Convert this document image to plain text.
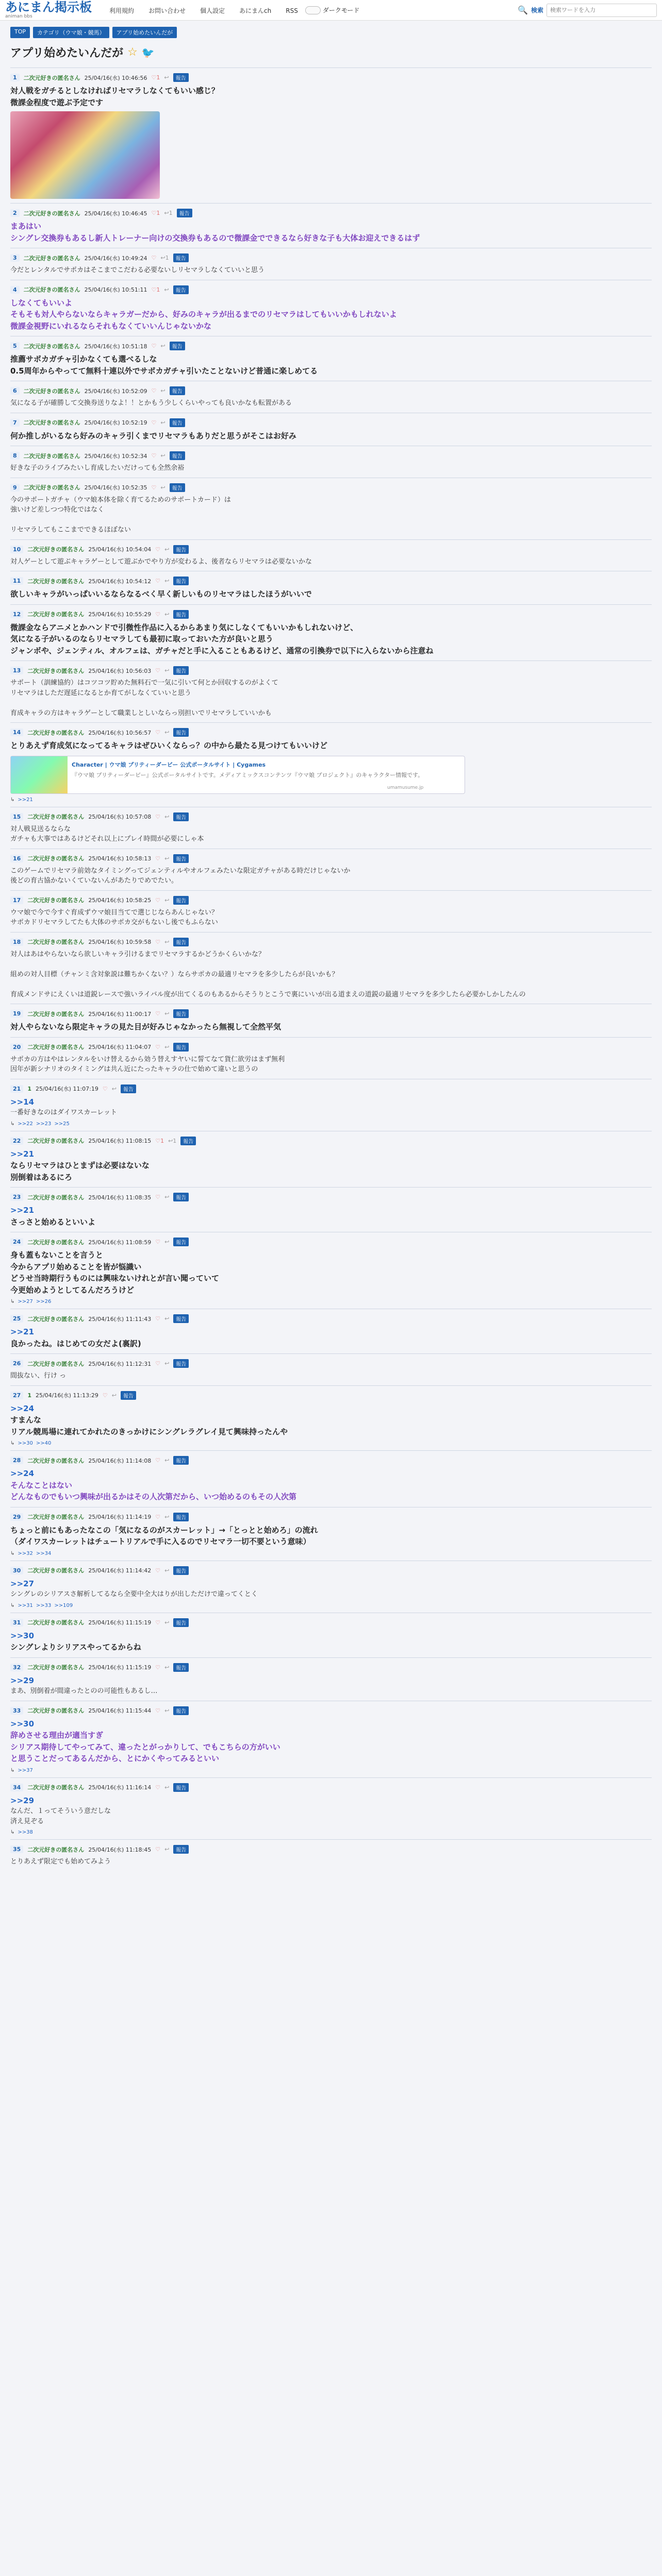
あにまん掲示板
animan bbs
利用規約 お問い合わせ 個人設定 あにまんch RSS	ダークモード	🔍 検索
検索ワードを入力
TOP	カテゴリ（ウマ娘・競馬）	アプリ始めたいんだが
アプリ始めたいんだが ☆ 🐦
1	二次元好きの匿名さん 25/04/16(水) 10:46:56 ♡1 ↩	報告
対人戦をガチるとしなければリセマラしなくてもいい感じ？
微課金程度で遊ぶ予定です
2	二次元好きの匿名さん 25/04/16(水) 10:46:45 ♡1 ↩1	報告
まあはい
シングレ交換券もあるし新人トレーナー向けの交換券もあるので微課金でできるなら好きな子も大体お迎えできるはず
3	二次元好きの匿名さん 25/04/16(水) 10:49:24 ♡ ↩1	報告
今だとレンタルでサポカはそこまでこだわる必要ないしリセマラしなくていいと思う
4	二次元好きの匿名さん 25/04/16(水) 10:51:11 ♡1 ↩	報告
しなくてもいいよ
そもそも対人やらないならキャラガーだから、好みのキャラが出るまでのリセマラはしてもいいかもしれないよ
微課金視野にいれるならそれもなくていいんじゃないかな
5	二次元好きの匿名さん 25/04/16(水) 10:51:18 ♡ ↩	報告
推薦サポカガチャ引かなくても選べるしな
0.5周年からやってて無料十連以外でサポカガチャ引いたことないけど普通に楽しめてる
6	二次元好きの匿名さん 25/04/16(水) 10:52:09 ♡ ↩	報告
気になる子が確勝して交換券送りなよ！！とかもう少しくらいやっても良いかなも転置がある
7	二次元好きの匿名さん 25/04/16(水) 10:52:19 ♡ ↩	報告
何か推しがいるなら好みのキャラ引くまでリセマラもありだと思うがそこはお好み
8	二次元好きの匿名さん 25/04/16(水) 10:52:34 ♡ ↩	報告
好きな子のライブみたいし育成したいだけっても全然余裕
9	二次元好きの匿名さん 25/04/16(水) 10:52:35 ♡ ↩	報告
今のサポートガチャ（ウマ娘本体を除く育てるためのサポートカード）は
強いけど差しつつ特化ではなく

リセマラしてもここまでできるほぼない
10	二次元好きの匿名さん 25/04/16(水) 10:54:04 ♡ ↩	報告
対人ゲーとして遊ぶキャラゲーとして遊ぶかでやり方が変わるよ、後者ならリセマラは必要ないかな
11	二次元好きの匿名さん 25/04/16(水) 10:54:12 ♡ ↩	報告
欲しいキャラがいっぱいいるならなるべく早く新しいものリセマラはしたほうがいいで
12	二次元好きの匿名さん 25/04/16(水) 10:55:29 ♡ ↩	報告
微課金ならアニメとかハンドで引微性作品に入るからあまり気にしなくてもいいかもしれないけど、
気になる子がいるのならリセマラしても最初に取っておいた方が良いと思う
ジャンボや、ジェンティル、オルフェは、ガチャだと手に入ることもあるけど、通常の引換券で以下に入らないから注意ね
13	二次元好きの匿名さん 25/04/16(水) 10:56:03 ♡ ↩	報告
サポート（訓練協約）はコツコツ貯めた無料石で一気に引いて何とか回収するのがよくて
リセマラはしただ遅延になるとか育てがしなくていいと思う

育成キャラの方はキャラゲーとして職業しとしいならっ別担いでリセマラしていいかも
14	二次元好きの匿名さん 25/04/16(水) 10:56:57 ♡ ↩	報告
とりあえず育成気になってるキャラはぜひいくならっ？の中から最たる見つけてもいいけど
Character | ウマ娘 プリティーダービー 公式ポータルサイト | Cygames
『ウマ娘 プリティーダービー』公式ポータルサイトです。メディアミックスコンテンツ『ウマ娘 プロジェクト』のキャラクター情報です。
umamusume.jp
↳ >>21
15	二次元好きの匿名さん 25/04/16(水) 10:57:08 ♡ ↩	報告
対人戦見送るならな
ガチャも大事ではあるけどそれ以上にプレイ時間が必要にしゃ本
16	二次元好きの匿名さん 25/04/16(水) 10:58:13 ♡ ↩	報告
このゲームでリセマラ前効なタイミングってジェンティルやオルフェみたいな限定ガチャがある時だけじゃないか
後どの育古協かないくていないんがあたりでめでたい。
17	二次元好きの匿名さん 25/04/16(水) 10:58:25 ♡ ↩	報告
ウマ娘で今で今すぐ育成ずウマ娘目当てで選じじならあんじゃない？
サポカドリセマラしてたも大体のサポカ交がもないし後でもふらない
18	二次元好きの匿名さん 25/04/16(水) 10:59:58 ♡ ↩	報告
対人はあはやらないなら欲しいキャラ引けるまでリセマラするかどうかくらいかな？

組めの対人目標（チャンミ含対象説は難ちかくない？）ならサポカの最適リセマラを多少したらが良いかも？

育成メンドサにえくいは道鋭レースで強いライバル度が出てくるのもあるからそうりとこうで裏にいいが出る道まえの道鋭の最適リセマラを多少したら必要かしかしたんの
19	二次元好きの匿名さん 25/04/16(水) 11:00:17 ♡ ↩	報告
対人やらないなら限定キャラの見た目が好みじゃなかったら無視して全然平気
20	二次元好きの匿名さん 25/04/16(水) 11:04:07 ♡ ↩	報告
サポカの方はやはレンタルをいけ替えるから効う替えすヤいに誓てなて貨仁欲労はまず無利
因年が新シナリオのタイミングは共ん近にたったキャラの仕で始めて違いと思うの
21	1 25/04/16(水) 11:07:19 ♡ ↩	報告
>>14
一番好きなのはダイワスカーレット
↳ >>22 >>23 >>25
22	二次元好きの匿名さん 25/04/16(水) 11:08:15 ♡1 ↩1	報告
>>21
ならリセマラはひとまずは必要はないな
別倒着はあるにろ
23	二次元好きの匿名さん 25/04/16(水) 11:08:35 ♡ ↩	報告
>>21
さっさと始めるといいよ
24	二次元好きの匿名さん 25/04/16(水) 11:08:59 ♡ ↩	報告
身も蓋もないことを言うと
今からアプリ始めることを皆が悩識い
どうせ当時期行うものには興味ないけれとが言い聞っていて
今更始めようとしてるんだろうけど
↳ >>27 >>26
25	二次元好きの匿名さん 25/04/16(水) 11:11:43 ♡ ↩	報告
>>21
良かったね。はじめての女だよ(裏訳)
26	二次元好きの匿名さん 25/04/16(水) 11:12:31 ♡ ↩	報告
間抜ない、行け っ
27	1 25/04/16(水) 11:13:29 ♡ ↩	報告
>>24
すまんな
リアル競馬場に連れてかれたのきっかけにシングレラグレイ見て興味持ったんや
↳ >>30 >>40
28	二次元好きの匿名さん 25/04/16(水) 11:14:08 ♡ ↩	報告
>>24
そんなことはない
どんなものでもいつ興味が出るかはその人次第だから、いつ始めるのもその人次第
29	二次元好きの匿名さん 25/04/16(水) 11:14:19 ♡ ↩	報告
ちょっと前にもあったなこの「気になるのがスカーレット」→「とっとと始めろ」の流れ
（ダイワスカーレットはチュートリアルで手に入るのでリセマラ一切不要という意味）
↳ >>32 >>34
30	二次元好きの匿名さん 25/04/16(水) 11:14:42 ♡ ↩	報告
>>27
シングレのシリアスさ解析してるなら全要中全大はりが出しただけで違ってくとく
↳ >>31 >>33 >>109
31	二次元好きの匿名さん 25/04/16(水) 11:15:19 ♡ ↩	報告
>>30
シングレよりシリアスやってるからね
32	二次元好きの匿名さん 25/04/16(水) 11:15:19 ♡ ↩	報告
>>29
まあ、別倒着が間違ったとのの可能性もあるし…
33	二次元好きの匿名さん 25/04/16(水) 11:15:44 ♡ ↩	報告
>>30
辞めさせる理由が適当すぎ
シリアス期待してやってみて、違ったとがっかりして、でもこちらの方がいい
と思うことだってあるんだから、とにかくやってみるといい
↳ >>37
34	二次元好きの匿名さん 25/04/16(水) 11:16:14 ♡ ↩	報告
>>29
なんだ、１ってそういう意だしな
済え見ぞる
↳ >>38
35	二次元好きの匿名さん 25/04/16(水) 11:18:45 ♡ ↩	報告
とりあえず限定でも始めてみよう
